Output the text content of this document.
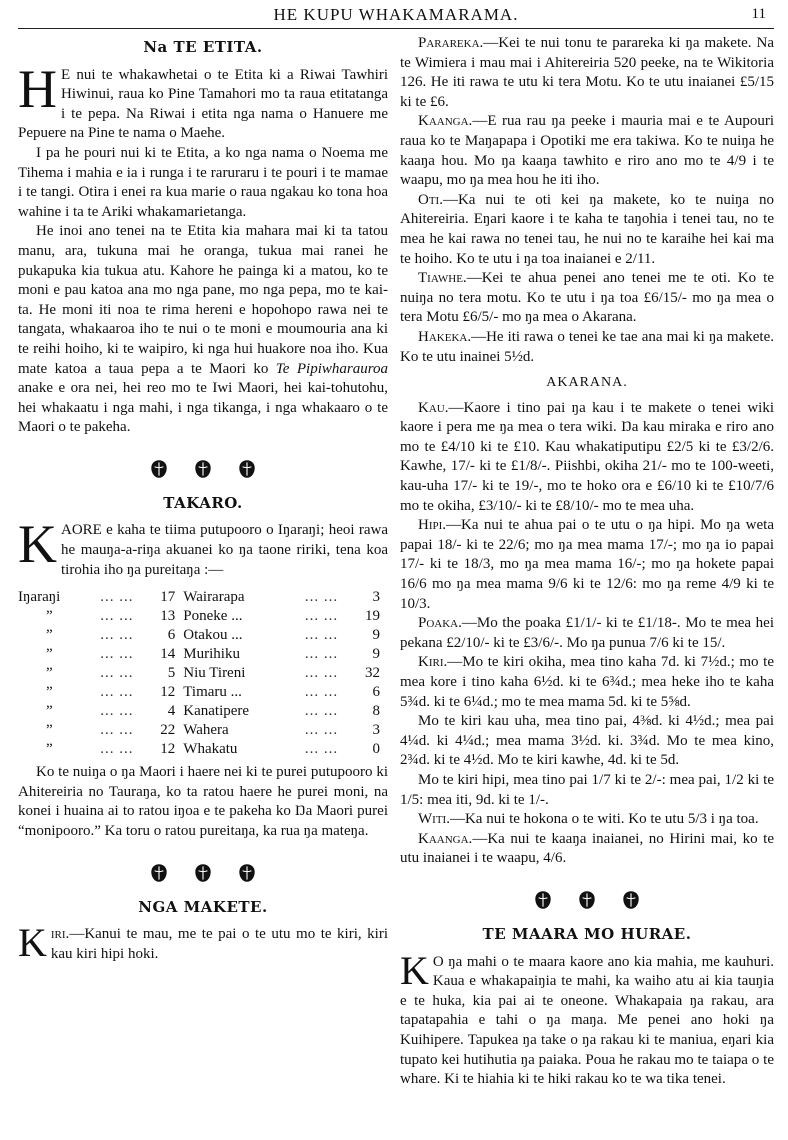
HE KUPU WHAKAMARAMA.	11
Na TE ETITA.

H E nui te whakawhetai o te Etita ki a Riwai Tawhiri Hiwinui, raua ko Pine Tamahori mo ta raua etitatanga i te pepa. Na Riwai i etita nga nama o Hanuere me Pepuere na Pine te nama o Maehe.

I pa he pouri nui ki te Etita, a ko nga nama o Noema me Tihema i mahia e ia i runga i te raruraru i te pouri i te mamae i te tangi. Otira i enei ra kua marie o raua ngakau ko tona hoa wahine i ta te Ariki whakamarietanga.

He inoi ano tenei na te Etita kia mahara mai ki ta tatou manu, ara, tukuna mai he oranga, tukua mai ranei he pukapuka kia tukua atu. Kahore he painga ki a matou, ko te moni e pau katoa ana mo nga pane, mo nga pepa, mo te kai-ta. He moni iti noa te rima hereni e hopohopo rawa nei te tangata, whakaaroa iho te nui o te moni e moumouria ana ki te reihi hoiho, ki te waipiro, ki nga hui huakore noa iho. Kua mate katoa a taua pepa a te Maori ko Te Pipiwharauroa anake e ora nei, hei reo mo te Iwi Maori, hei kai-tohutohu, hei whakaatu i nga mahi, i nga tikanga, i nga whakaaro o te Maori o te pakeha.

TAKARO.

KAORE e kaha te tiima putupooro o Iŋaraŋi; heoi rawa he mauŋa-a-riŋa akuanei ko ŋa taone ririki, tena koa tirohia iho ŋa pureitaŋa :—

Iŋaraŋi	... ...	17	Wairarapa	... ...	3
”	... ...	13	Poneke ...	... ...	19
”	... ...	6	Otakou ...	... ...	9
”	... ...	14	Murihiku	... ...	9
”	... ...	5	Niu Tireni	... ...	32
”	... ...	12	Timaru ...	... ...	6
”	... ...	4	Kanatipere	... ...	8
”	... ...	22	Wahera	... ...	3
”	... ...	12	Whakatu	... ...	0

Ko te nuiŋa o ŋa Maori i haere nei ki te purei putupooro ki Ahitereiria no Tauraŋa, ko ta ratou haere he purei moni, na konei i huaina ai to ratou iŋoa e te pakeha ko Ŋa Maori purei “monipooro.” Ka toru o ratou pureitaŋa, ka rua ŋa mateŋa.

NGA MAKETE.

Kiri.—Kanui te mau, me te pai o te utu mo te kiri, kiri kau kiri hipi hoki.

Parareka.—Kei te nui tonu te parareka ki ŋa makete. Na te Wimiera i mau mai i Ahitereiria 520 peeke, na te Wikitoria 126. He iti rawa te utu ki tera Motu. Ko te utu inaianei £5/15 ki te £6.

Kaanga.—E rua rau ŋa peeke i mauria mai e te Aupouri raua ko te Maŋapapa i Opotiki me era takiwa. Ko te nuiŋa he kaaŋa hou. Mo ŋa kaaŋa tawhito e riro ano mo te 4/9 i te waapu, mo ŋa mea hou he iti iho.

Oti.—Ka nui te oti kei ŋa makete, ko te nuiŋa no Ahitereiria. Eŋari kaore i te kaha te taŋohia i tenei tau, no te mea he kai rawa no tenei tau, he nui no te karaihe hei kai ma te hoiho. Ko te utu i ŋa toa inaianei e 2/11.

Tiawhe.—Kei te ahua penei ano tenei me te oti. Ko te nuiŋa no tera motu. Ko te utu i ŋa toa £6/15/- mo ŋa mea o tera Motu £6/5/- mo ŋa mea o Akarana.

Hakeka.—He iti rawa o tenei ke tae ana mai ki ŋa makete. Ko te utu inainei 5½d.

AKARANA.

Kau.—Kaore i tino pai ŋa kau i te makete o tenei wiki kaore i pera me ŋa mea o tera wiki. Ŋa kau miraka e riro ano mo te £4/10 ki te £10. Kau whakatiputipu £2/5 ki te £3/2/6. Kawhe, 17/- ki te £1/8/-. Piishbi, okiha 21/- mo te 100-weeti, kau-uha 17/- ki te 19/-, mo te hoko ora e £6/10 ki te £10/7/6 mo te okiha, £3/10/- ki te £8/10/- mo te mea uha.

Hipi.—Ka nui te ahua pai o te utu o ŋa hipi. Mo ŋa weta papai 18/- ki te 22/6; mo ŋa mea mama 17/-; mo ŋa io papai 17/- ki te 18/3, mo ŋa mea mama 16/-; mo ŋa hokete papai 16/6 mo ŋa mea mama 9/6 ki te 12/6: mo ŋa reme 4/9 ki te 10/3.

Poaka.—Mo the poaka £1/1/- ki te £1/18-. Mo te mea hei pekana £2/10/- ki te £3/6/-. Mo ŋa punua 7/6 ki te 15/.

Kiri.—Mo te kiri okiha, mea tino kaha 7d. ki 7½d.; mo te mea kore i tino kaha 6½d. ki te 6¾d.; mea heke iho te kaha 5¾d. ki te 6¼d.; mo te mea mama 5d. ki te 5⅝d.

Mo te kiri kau uha, mea tino pai, 4⅜d. ki 4½d.; mea pai 4¼d. ki 4¼d.; mea mama 3½d. ki. 3¾d. Mo te mea kino, 2¾d. ki te 4½d. Mo te kiri kawhe, 4d. ki te 5d.

Mo te kiri hipi, mea tino pai 1/7 ki te 2/-: mea pai, 1/2 ki te 1/5: mea iti, 9d. ki te 1/-.

Witi.—Ka nui te hokona o te witi. Ko te utu 5/3 i ŋa toa.

Kaanga.—Ka nui te kaaŋa inaianei, no Hirini mai, ko te utu inaianei i te waapu, 4/6.

TE MAARA MO HURAE.

K O ŋa mahi o te maara kaore ano kia mahia, me kauhuri. Kaua e whakapaiŋia te mahi, ka waiho atu ai kia tauŋia e te huka, kia pai ai te oneone. Whakapaia ŋa rakau, ara tapatapahia e tahi o ŋa maŋa. Me penei ano hoki ŋa Kuihipere. Tapukea ŋa take o ŋa rakau ki te maniua, eŋari kia tupato kei hutihutia ŋa paiaka. Poua he rakau mo te taiapa o te whare. Ki te hiahia ki te hiki rakau ko te wa tika tenei.
